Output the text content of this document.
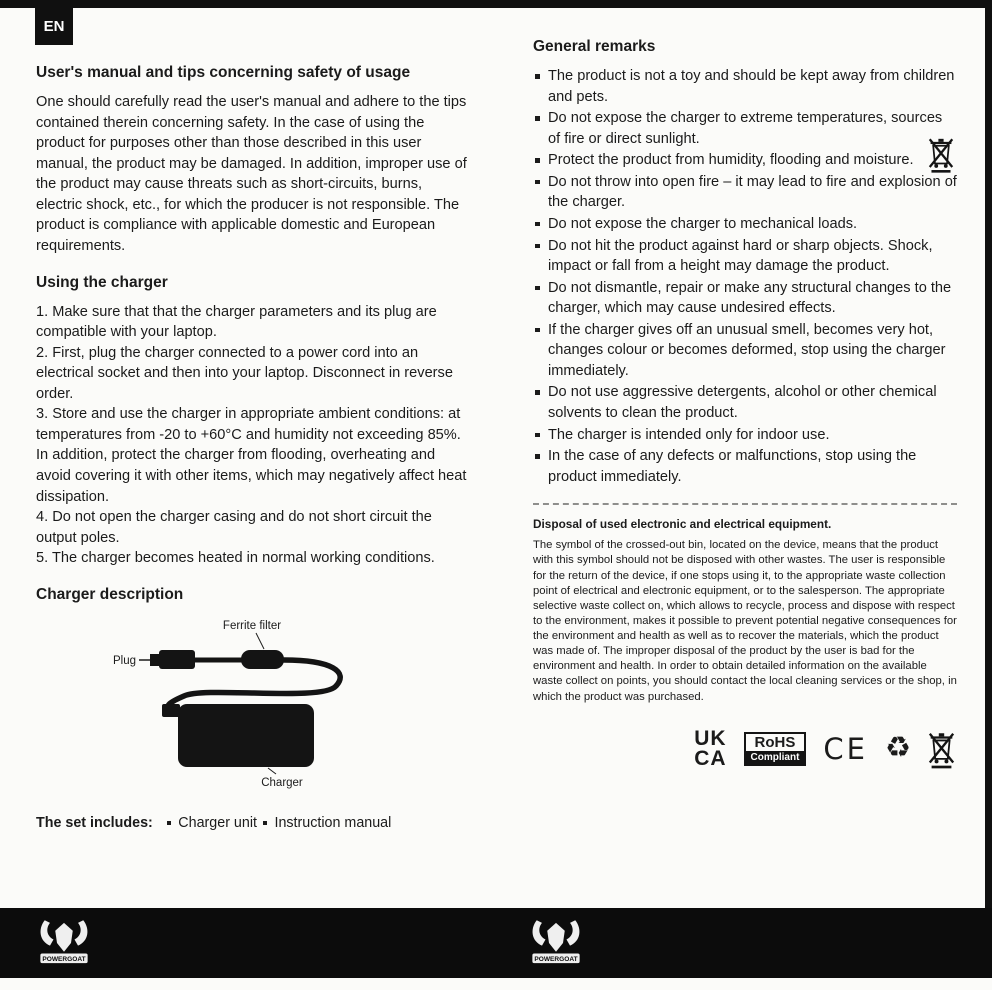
EN
User's manual and tips concerning safety of usage

One should carefully read the user's manual and adhere to the tips contained therein concerning safety. In the case of using the product for purposes other than those described in this user manual, the product may be damaged. In addition, improper use of the product may cause threats such as short-circuits, burns, electric shock, etc., for which the producer is not responsible. The product is compliance with applicable domestic and European requirements.

Using the charger

1. Make sure that that the charger parameters and its plug are compatible with your laptop.

2. First, plug the charger connected to a power cord into an electrical socket and then into your laptop. Disconnect in reverse order.

3. Store and use the charger in appropriate ambient conditions: at temperatures from -20 to +60°C and humidity not exceeding 85%. In addition, protect the charger from flooding, overheating and avoid covering it with other items, which may negatively affect heat dissipation.

4. Do not open the charger casing and do not short circuit the output poles.

5. The charger becomes heated in normal working conditions.

Charger description
Ferrite filter
Plug
Charger
The set includes: Charger unit Instruction manual
General remarks
The product is not a toy and should be kept away from children and pets.
Do not expose the charger to extreme temperatures, sources of fire or direct sunlight.
Protect the product from humidity, flooding and moisture.
Do not throw into open fire – it may lead to fire and explosion of the charger.
Do not expose the charger to mechanical loads.
Do not hit the product against hard or sharp objects. Shock, impact or fall from a height may damage the product.
Do not dismantle, repair or make any structural changes to the charger, which may cause undesired effects.
If the charger gives off an unusual smell, becomes very hot, changes colour or becomes deformed, stop using the charger immediately.
Do not use aggressive detergents, alcohol or other chemical solvents to clean the product.
The charger is intended only for indoor use.
In the case of any defects or malfunctions, stop using the product immediately.

Disposal of used electronic and electrical equipment.

The symbol of the crossed-out bin, located on the device, means that the product with this symbol should not be disposed with other wastes. The user is responsible for the return of the device, if one stops using it, to the appropriate waste collection point of electrical and electronic equipment, or to the salesperson. The appropriate selective waste collect on, which allows to recycle, process and dispose with respect to the environment, makes it possible to prevent potential negative consequences for the environment and health as well as to recover the materials, which the product was made of. The improper disposal of the product by the user is bad for the environment and health. In order to obtain detailed information on the available waste collect on points, you should contact the local cleaning services or the shop, in which the product was purchased.

UK
CA
RoHS
Compliant CE ♻
POWERGOAT	POWERGOAT
